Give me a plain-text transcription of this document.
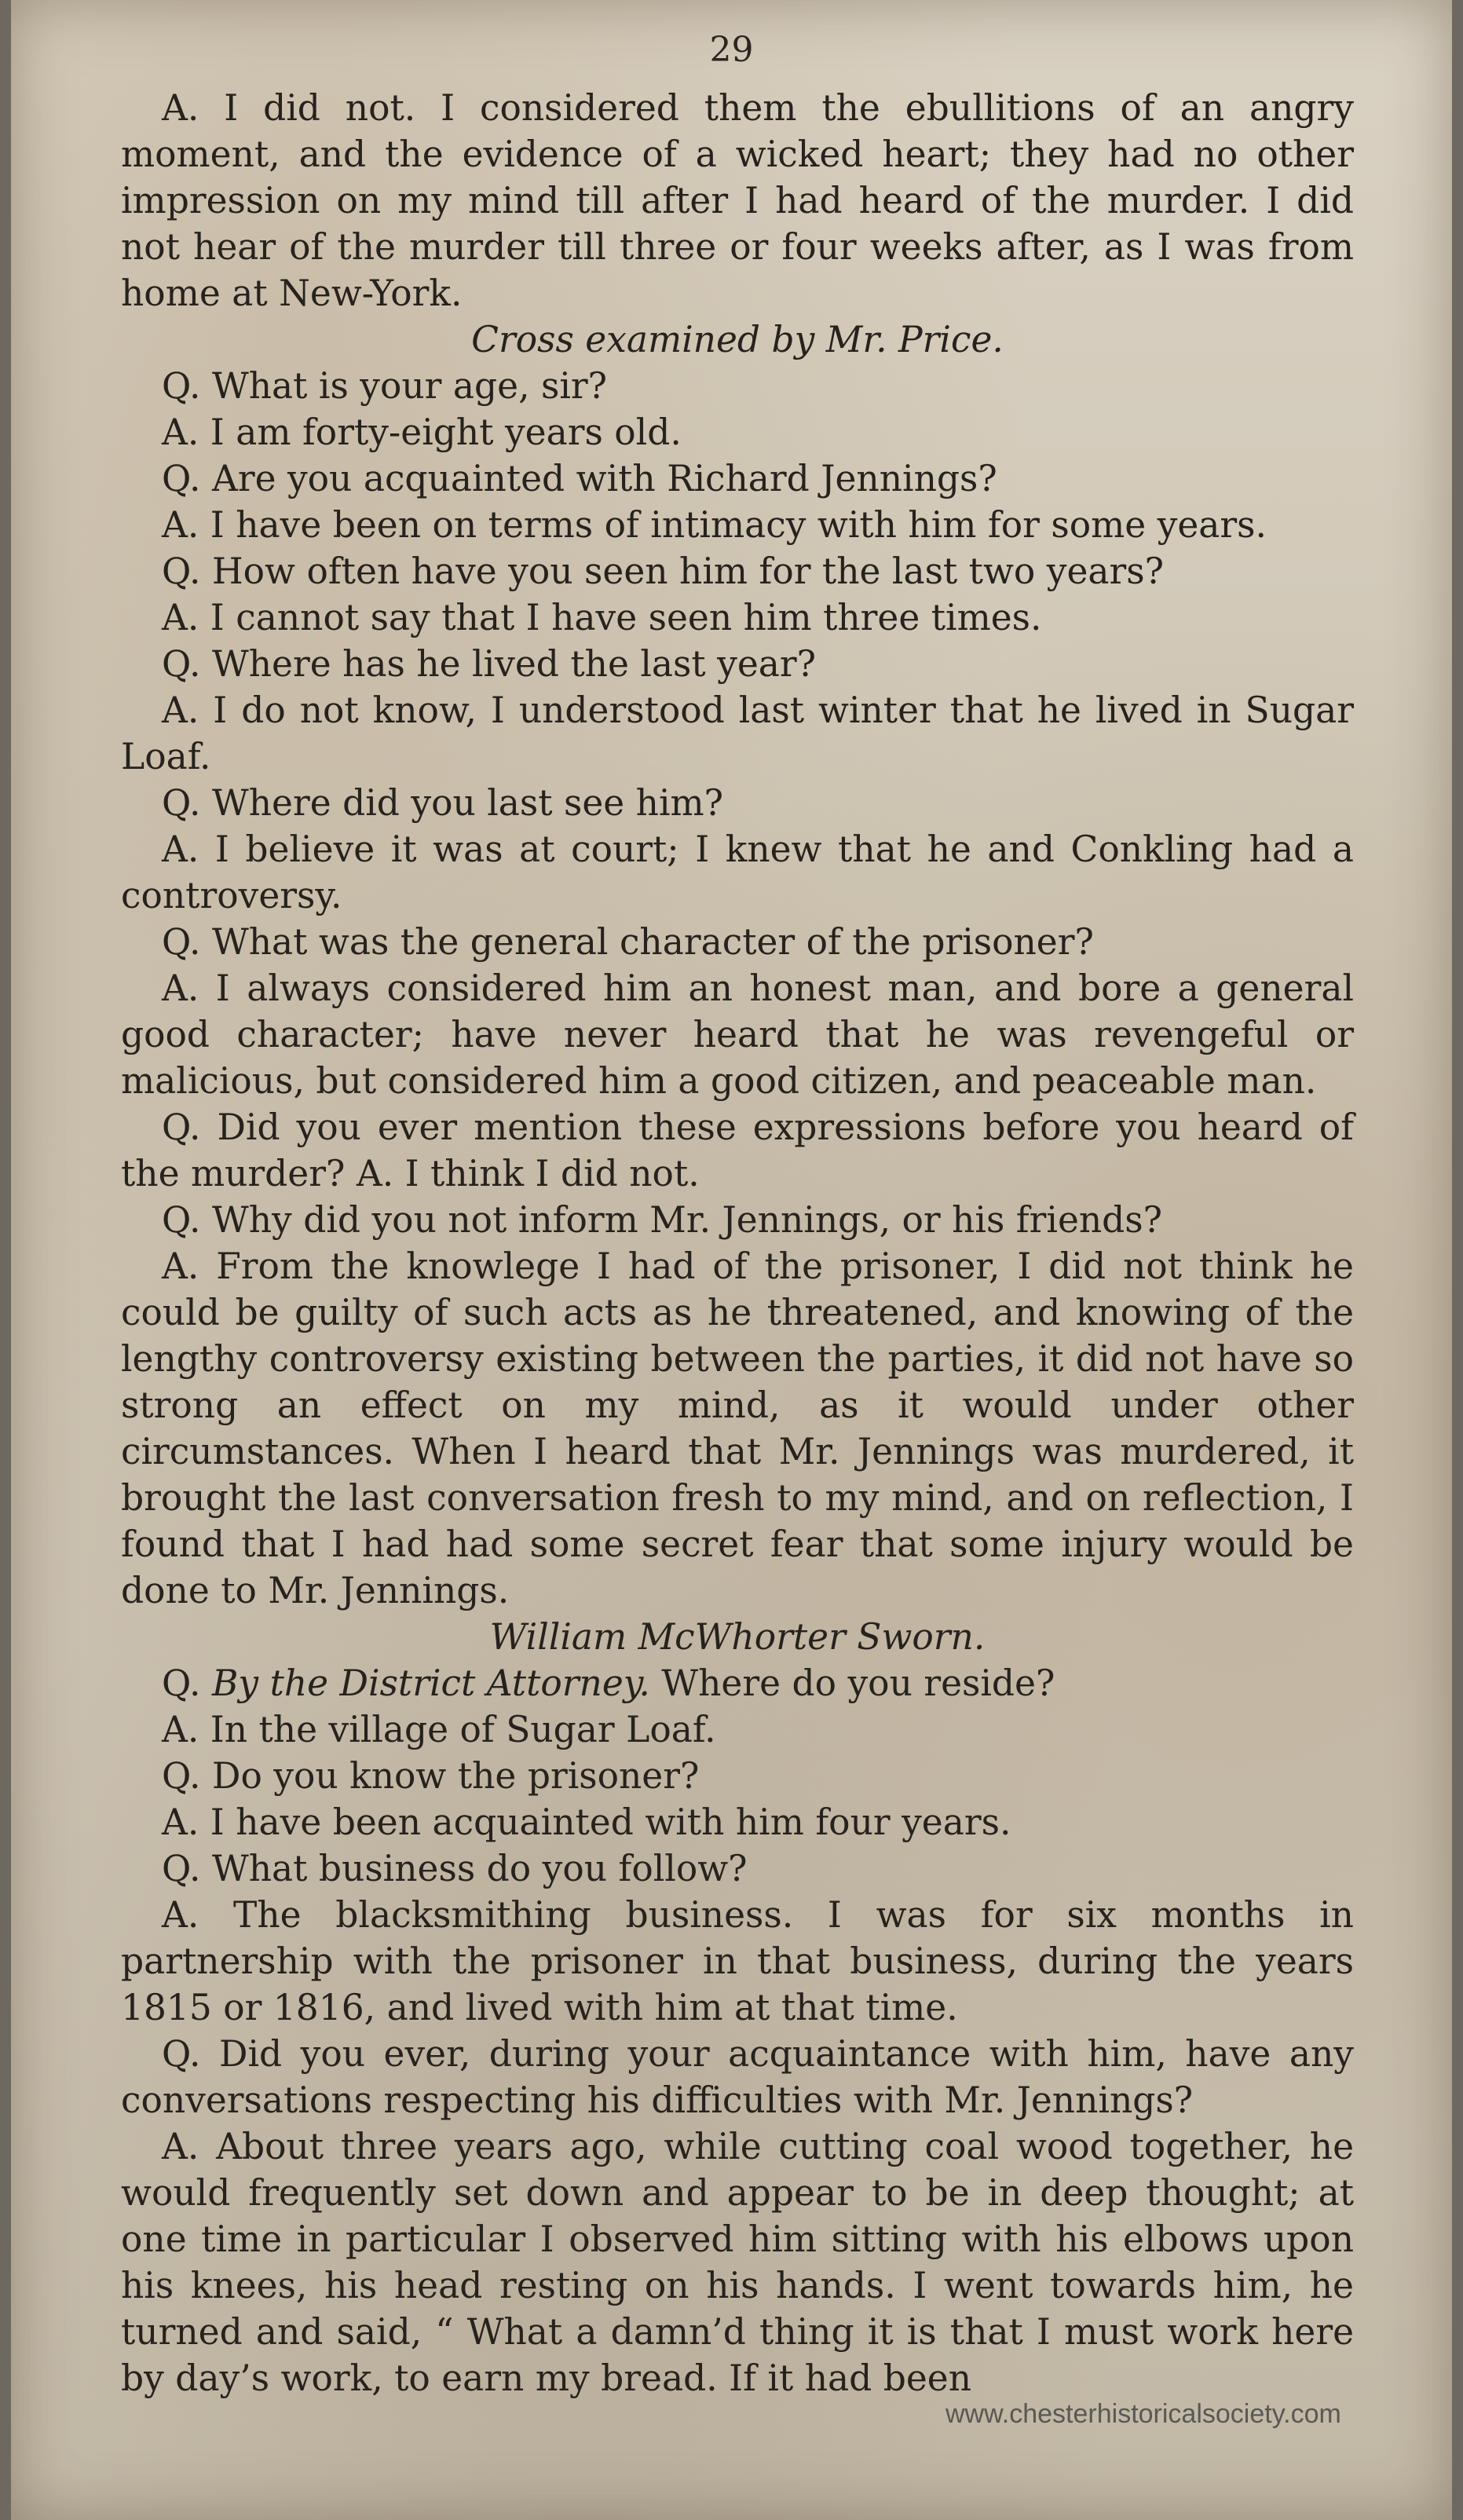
29

A. I did not. I considered them the ebullitions of an angry moment, and the evidence of a wicked heart; they had no other impression on my mind till after I had heard of the murder. I did not hear of the murder till three or four weeks after, as I was from home at New-York.

Cross examined by Mr. Price.

Q. What is your age, sir?

A. I am forty-eight years old.

Q. Are you acquainted with Richard Jennings?

A. I have been on terms of intimacy with him for some years.

Q. How often have you seen him for the last two years?

A. I cannot say that I have seen him three times.

Q. Where has he lived the last year?

A. I do not know, I understood last winter that he lived in Sugar Loaf.

Q. Where did you last see him?

A. I believe it was at court; I knew that he and Conkling had a controversy.

Q. What was the general character of the prisoner?

A. I always considered him an honest man, and bore a general good character; have never heard that he was revengeful or malicious, but considered him a good citizen, and peaceable man.

Q. Did you ever mention these expressions before you heard of the murder? A. I think I did not.

Q. Why did you not inform Mr. Jennings, or his friends?

A. From the knowlege I had of the prisoner, I did not think he could be guilty of such acts as he threatened, and knowing of the lengthy controversy existing between the parties, it did not have so strong an effect on my mind, as it would under other circumstances. When I heard that Mr. Jennings was murdered, it brought the last conversation fresh to my mind, and on reflection, I found that I had had some secret fear that some injury would be done to Mr. Jennings.

William McWhorter Sworn.

Q. By the District Attorney. Where do you reside?

A. In the village of Sugar Loaf.

Q. Do you know the prisoner?

A. I have been acquainted with him four years.

Q. What business do you follow?

A. The blacksmithing business. I was for six months in partnership with the prisoner in that business, during the years 1815 or 1816, and lived with him at that time.

Q. Did you ever, during your acquaintance with him, have any conversations respecting his difficulties with Mr. Jennings?

A. About three years ago, while cutting coal wood together, he would frequently set down and appear to be in deep thought; at one time in particular I observed him sitting with his elbows upon his knees, his head resting on his hands. I went towards him, he turned and said, “ What a damn’d thing it is that I must work here by day’s work, to earn my bread. If it had been

www.chesterhistoricalsociety.com
